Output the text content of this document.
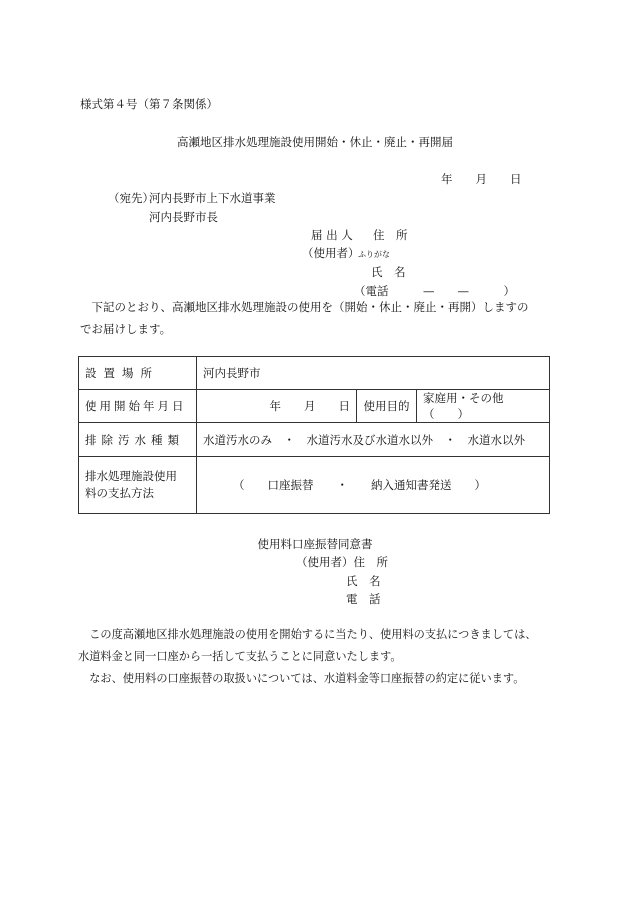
様式第４号（第７条関係）
高瀬地区排水処理施設使用開始・休止・廃止・再開届
年　　月　　日
（宛先）
河内長野市上下水道事業
河内長野市長
届 出 人 住　所
（使用者）
ふりがな
氏　名
（電話　　　—　　—　　　）

　下記のとおり、高瀬地区排水処理施設の使用を（開始・休止・廃止・再開）しますの

でお届けします。

設置場所	河内長野市		
使用開始年月日	年　　月　　日	使用目的	家庭用・その他（　　）
排除汚水種類	水道汚水のみ　・　水道汚水及び水道水以外　・　水道水以外		

排水処理施設使用
料の支払方法	（　　口座振替　　・　　納入通知書発送　　）		
使用料口座振替同意書
（使用者）住　所
氏　名
電　話

　この度高瀬地区排水処理施設の使用を開始するに当たり、使用料の支払につきましては、

水道料金と同一口座から一括して支払うことに同意いたします。

　なお、使用料の口座振替の取扱いについては、水道料金等口座振替の約定に従います。
